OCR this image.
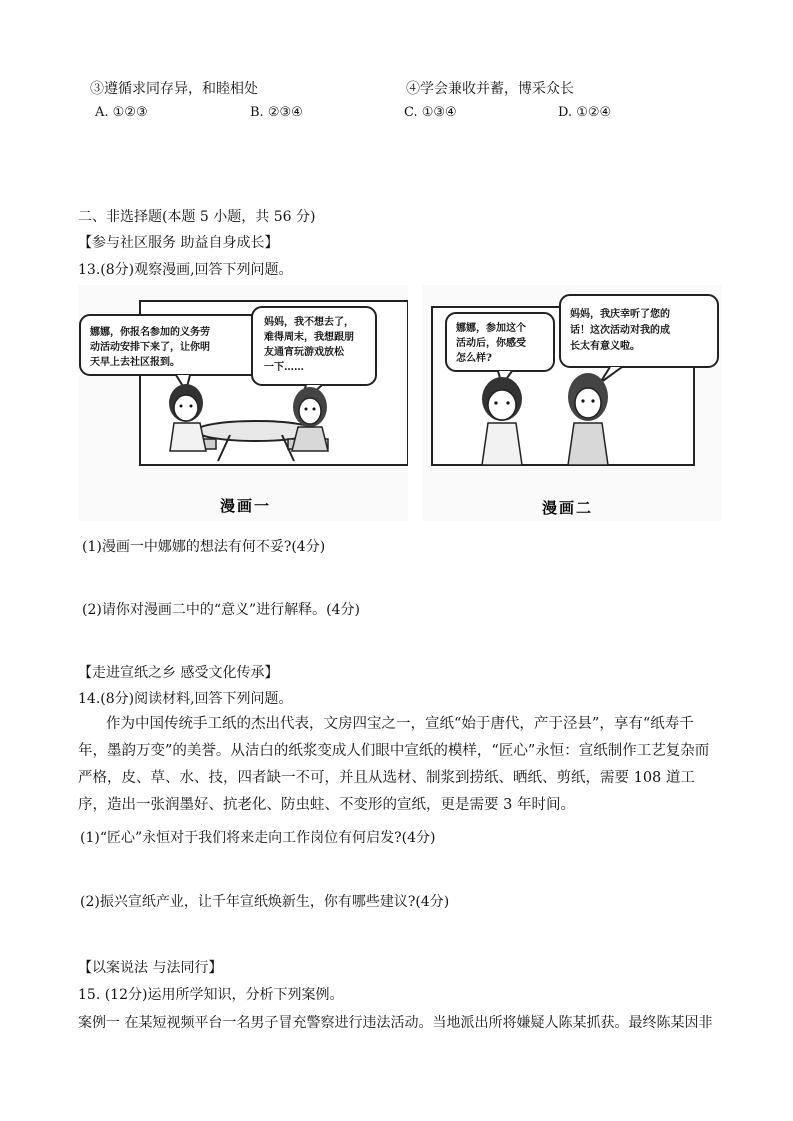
③遵循求同存异，和睦相处	④学会兼收并蓄，博采众长
A. ①②③	B. ②③④	C. ①③④	D. ①②④
二、非选择题(本题 5 小题，共 56 分)
【参与社区服务 助益自身成长】
13.(8分)观察漫画,回答下列问题。
娜娜，你报名参加的义务劳
动活动安排下来了，让你明
天早上去社区报到。
妈妈，我不想去了，
难得周末，我想跟朋
友通宵玩游戏放松
一下……
漫画一
娜娜，参加这个
活动后，你感受
怎么样?
妈妈，我庆幸听了您的
话！这次活动对我的成
长太有意义啦。
漫画二
(1)漫画一中娜娜的想法有何不妥?(4分)
(2)请你对漫画二中的“意义”进行解释。(4分)
【走进宣纸之乡 感受文化传承】
14.(8分)阅读材料,回答下列问题。
作为中国传统手工纸的杰出代表，文房四宝之一，宣纸“始于唐代，产于泾县”，享有“纸寿千年，墨韵万变”的美誉。从洁白的纸浆变成人们眼中宣纸的模样，“匠心”永恒：宣纸制作工艺复杂而严格，皮、草、水、技，四者缺一不可，并且从选材、制浆到捞纸、晒纸、剪纸，需要 108 道工序，造出一张润墨好、抗老化、防虫蛀、不变形的宣纸，更是需要 3 年时间。
(1)“匠心”永恒对于我们将来走向工作岗位有何启发?(4分)
(2)振兴宣纸产业，让千年宣纸焕新生，你有哪些建议?(4分)
【以案说法 与法同行】
15. (12分)运用所学知识，分析下列案例。
案例一 在某短视频平台一名男子冒充警察进行违法活动。当地派出所将嫌疑人陈某抓获。最终陈某因非
